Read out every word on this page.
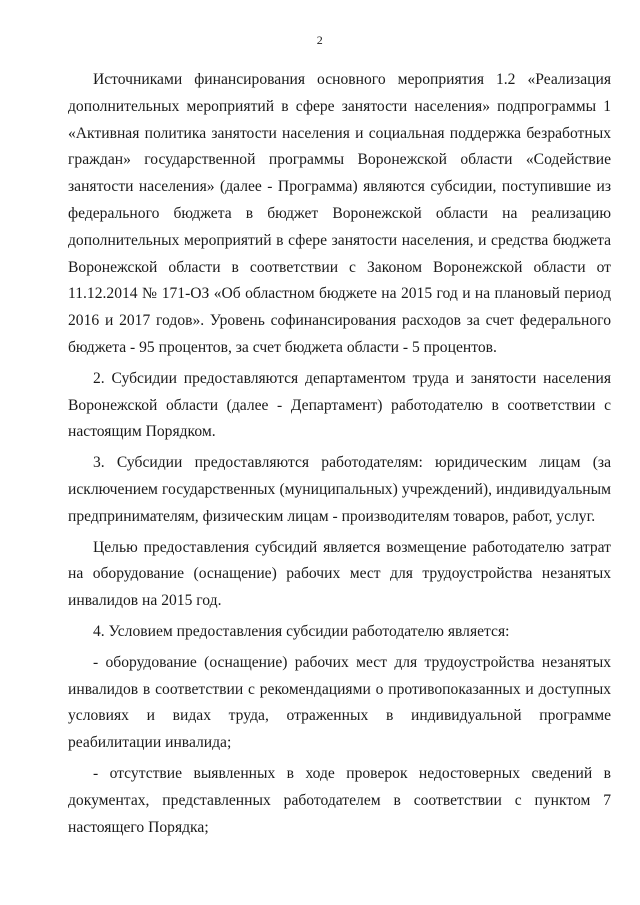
2

Источниками финансирования основного мероприятия 1.2 «Реализация дополнительных мероприятий в сфере занятости населения» подпрограммы 1 «Активная политика занятости населения и социальная поддержка безработных граждан» государственной программы Воронежской области «Содействие занятости населения» (далее - Программа) являются субсидии, поступившие из федерального бюджета в бюджет Воронежской области на реализацию дополнительных мероприятий в сфере занятости населения, и средства бюджета Воронежской области в соответствии с Законом Воронежской области от 11.12.2014 № 171-ОЗ «Об областном бюджете на 2015 год и на плановый период 2016 и 2017 годов». Уровень софинансирования расходов за счет федерального бюджета - 95 процентов, за счет бюджета области - 5 процентов.

2. Субсидии предоставляются департаментом труда и занятости населения Воронежской области (далее - Департамент) работодателю в соответствии с настоящим Порядком.

3. Субсидии предоставляются работодателям: юридическим лицам (за исключением государственных (муниципальных) учреждений), индивидуальным предпринимателям, физическим лицам - производителям товаров, работ, услуг.

Целью предоставления субсидий является возмещение работодателю затрат на оборудование (оснащение) рабочих мест для трудоустройства незанятых инвалидов на 2015 год.

4. Условием предоставления субсидии работодателю является:

- оборудование (оснащение) рабочих мест для трудоустройства незанятых инвалидов в соответствии с рекомендациями о противопоказанных и доступных условиях и видах труда, отраженных в индивидуальной программе реабилитации инвалида;

- отсутствие выявленных в ходе проверок недостоверных сведений в документах, представленных работодателем в соответствии с пунктом 7 настоящего Порядка;
